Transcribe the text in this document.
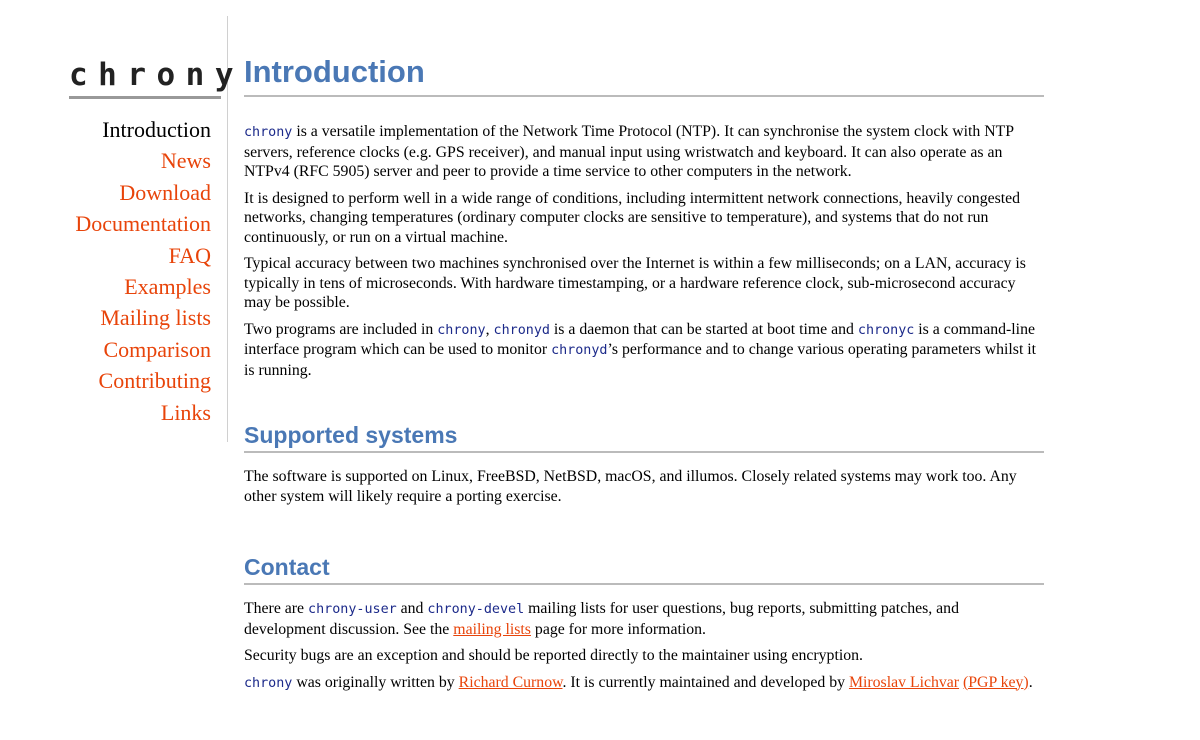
chrony
Introduction
News
Download
Documentation
FAQ
Examples
Mailing lists
Comparison
Contributing
Links
Introduction

chrony is a versatile implementation of the Network Time Protocol (NTP). It can synchronise the system clock with NTP servers, reference clocks (e.g. GPS receiver), and manual input using wristwatch and keyboard. It can also operate as an NTPv4 (RFC 5905) server and peer to provide a time service to other computers in the network.

It is designed to perform well in a wide range of conditions, including intermittent network connections, heavily congested networks, changing temperatures (ordinary computer clocks are sensitive to temperature), and systems that do not run continuously, or run on a virtual machine.

Typical accuracy between two machines synchronised over the Internet is within a few milliseconds; on a LAN, accuracy is typically in tens of microseconds. With hardware timestamping, or a hardware reference clock, sub-microsecond accuracy may be possible.

Two programs are included in chrony, chronyd is a daemon that can be started at boot time and chronyc is a command-line interface program which can be used to monitor chronyd’s performance and to change various operating parameters whilst it is running.

Supported systems

The software is supported on Linux, FreeBSD, NetBSD, macOS, and illumos. Closely related systems may work too. Any other system will likely require a porting exercise.

Contact

There are chrony-user and chrony-devel mailing lists for user questions, bug reports, submitting patches, and development discussion. See the mailing lists page for more information.

Security bugs are an exception and should be reported directly to the maintainer using encryption.

chrony was originally written by Richard Curnow. It is currently maintained and developed by Miroslav Lichvar (PGP key).
